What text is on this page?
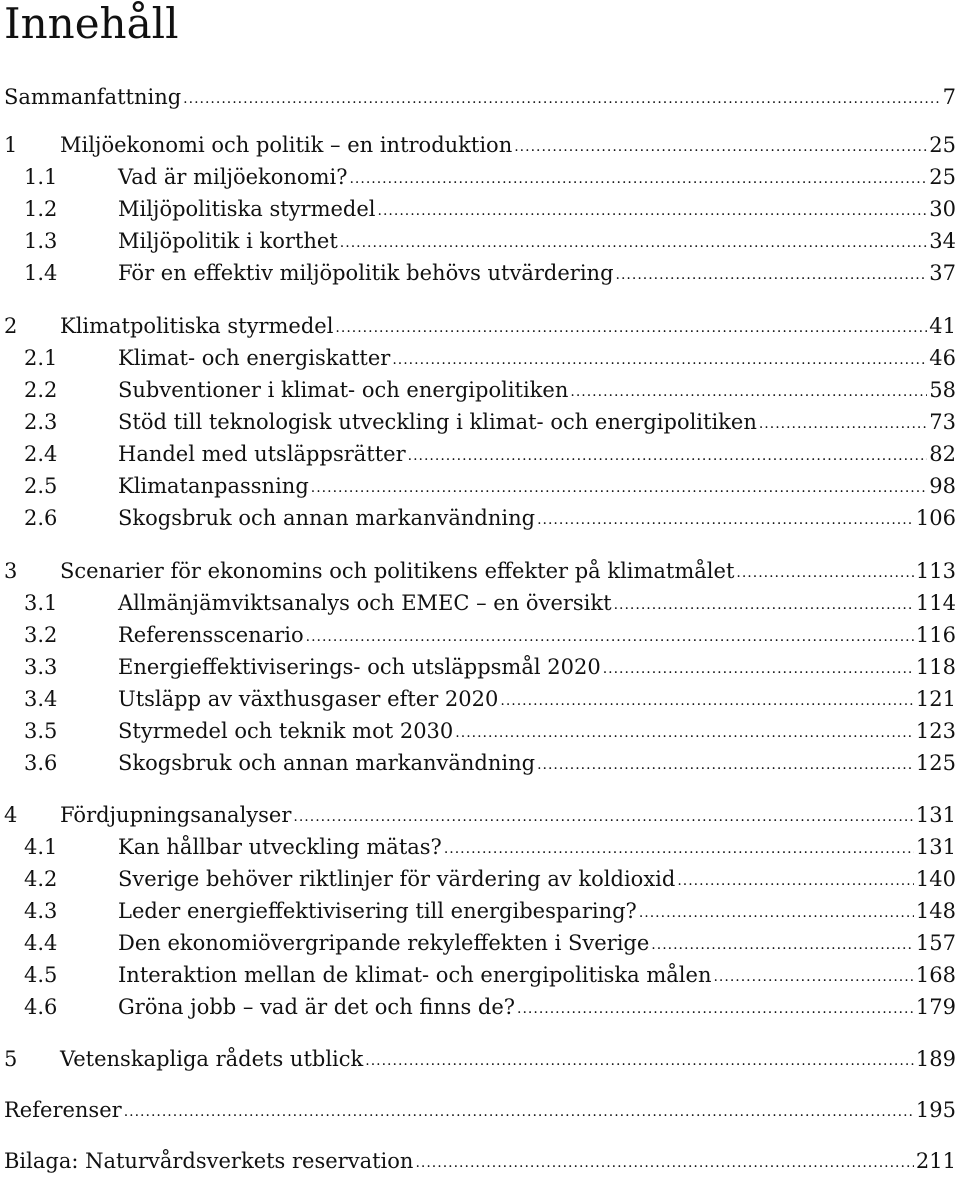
Innehåll
Sammanfattning .....	7
1	Miljöekonomi och politik – en introduktion .....	25
1.1	Vad är miljöekonomi? .....	25
1.2	Miljöpolitiska styrmedel .....	30
1.3	Miljöpolitik i korthet .....	34
1.4	För en effektiv miljöpolitik behövs utvärdering .....	37
2	Klimatpolitiska styrmedel .....	41
2.1	Klimat- och energiskatter .....	46
2.2	Subventioner i klimat- och energipolitiken .....	58
2.3	Stöd till teknologisk utveckling i klimat- och energipolitiken .....	73
2.4	Handel med utsläppsrätter .....	82
2.5	Klimatanpassning .....	98
2.6	Skogsbruk och annan markanvändning .....	106
3	Scenarier för ekonomins och politikens effekter på klimatmålet .....	113
3.1	Allmänjämviktsanalys och EMEC – en översikt .....	114
3.2	Referensscenario .....	116
3.3	Energieffektiviserings- och utsläppsmål 2020 .....	118
3.4	Utsläpp av växthusgaser efter 2020 .....	121
3.5	Styrmedel och teknik mot 2030 .....	123
3.6	Skogsbruk och annan markanvändning .....	125
4	Fördjupningsanalyser .....	131
4.1	Kan hållbar utveckling mätas? .....	131
4.2	Sverige behöver riktlinjer för värdering av koldioxid .....	140
4.3	Leder energieffektivisering till energibesparing? .....	148
4.4	Den ekonomiövergripande rekyleffekten i Sverige .....	157
4.5	Interaktion mellan de klimat- och energipolitiska målen .....	168
4.6	Gröna jobb – vad är det och finns de? .....	179
5	Vetenskapliga rådets utblick .....	189
Referenser .....	195
Bilaga: Naturvårdsverkets reservation .....	211
